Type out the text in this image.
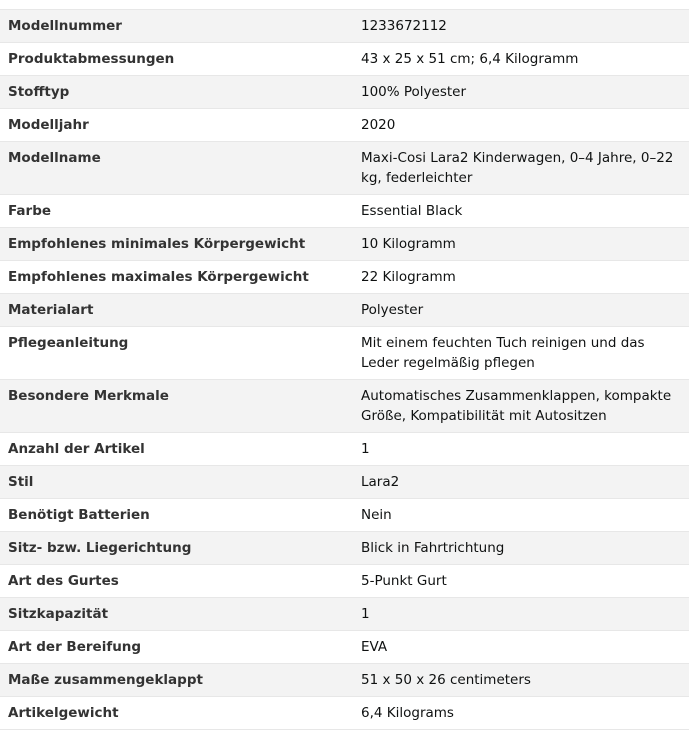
Modellnummer	1233672112
Produktabmessungen	43 x 25 x 51 cm; 6,4 Kilogramm
Stofftyp	100% Polyester
Modelljahr	2020
Modellname	Maxi-Cosi Lara2 Kinderwagen, 0–4 Jahre, 0–22 kg, federleichter
Farbe	Essential Black
Empfohlenes minimales Körpergewicht	10 Kilogramm
Empfohlenes maximales Körpergewicht	22 Kilogramm
Materialart	Polyester
Pflegeanleitung	Mit einem feuchten Tuch reinigen und das Leder regelmäßig pflegen
Besondere Merkmale	Automatisches Zusammenklappen, kompakte Größe, Kompatibilität mit Autositzen
Anzahl der Artikel	1
Stil	Lara2
Benötigt Batterien	Nein
Sitz- bzw. Liegerichtung	Blick in Fahrtrichtung
Art des Gurtes	5-Punkt Gurt
Sitzkapazität	1
Art der Bereifung	EVA
Maße zusammengeklappt	51 x 50 x 26 centimeters
Artikelgewicht	6,4 Kilograms
